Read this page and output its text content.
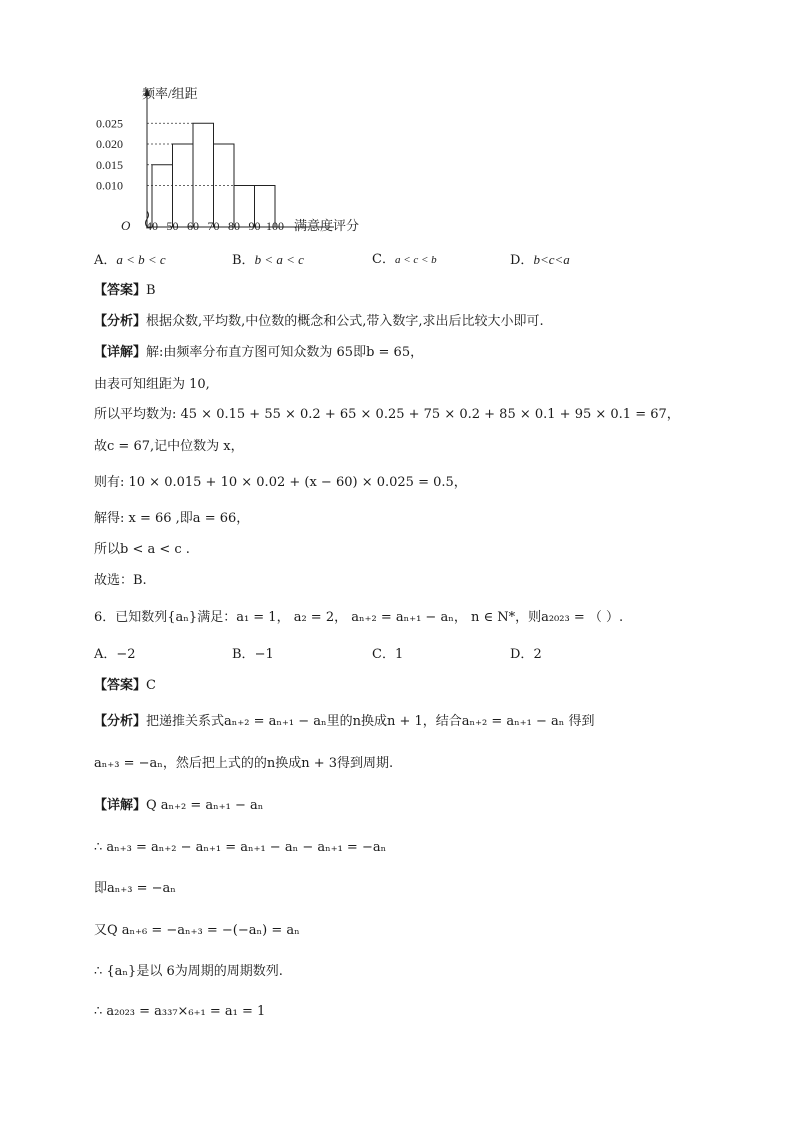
0.010
0.015
0.020
0.025
40 50 60 70 80 90 100
频率/组距
满意度评分
O
A．a < b < c	B．b < a < c	C．a < c < b	D．b<c<a
【答案】B
【分析】根据众数,平均数,中位数的概念和公式,带入数字,求出后比较大小即可.
【详解】解:由频率分布直方图可知众数为 65即b = 65，
由表可知组距为 10,
所以平均数为: 45 × 0.15 + 55 × 0.2 + 65 × 0.25 + 75 × 0.2 + 85 × 0.1 + 95 × 0.1 = 67，
故c = 67,记中位数为 x，
则有: 10 × 0.015 + 10 × 0.02 + (x − 60) × 0.025 = 0.5，
解得: x = 66 ,即a = 66，
所以b < a < c .
故选：B.
6．已知数列{aₙ}满足：a₁ = 1， a₂ = 2， aₙ₊₂ = aₙ₊₁ − aₙ， n ∈ N*，则a₂₀₂₃ = （ ）.
A．−2	B．−1	C．1	D．2
【答案】C
【分析】把递推关系式aₙ₊₂ = aₙ₊₁ − aₙ里的n换成n + 1，结合aₙ₊₂ = aₙ₊₁ − aₙ 得到
aₙ₊₃ = −aₙ，然后把上式的的n换成n + 3得到周期.
【详解】Q aₙ₊₂ = aₙ₊₁ − aₙ
∴ aₙ₊₃ = aₙ₊₂ − aₙ₊₁ = aₙ₊₁ − aₙ − aₙ₊₁ = −aₙ
即aₙ₊₃ = −aₙ
又Q aₙ₊₆ = −aₙ₊₃ = −(−aₙ) = aₙ
∴ {aₙ}是以 6为周期的周期数列.
∴ a₂₀₂₃ = a₃₃₇×₆₊₁ = a₁ = 1
